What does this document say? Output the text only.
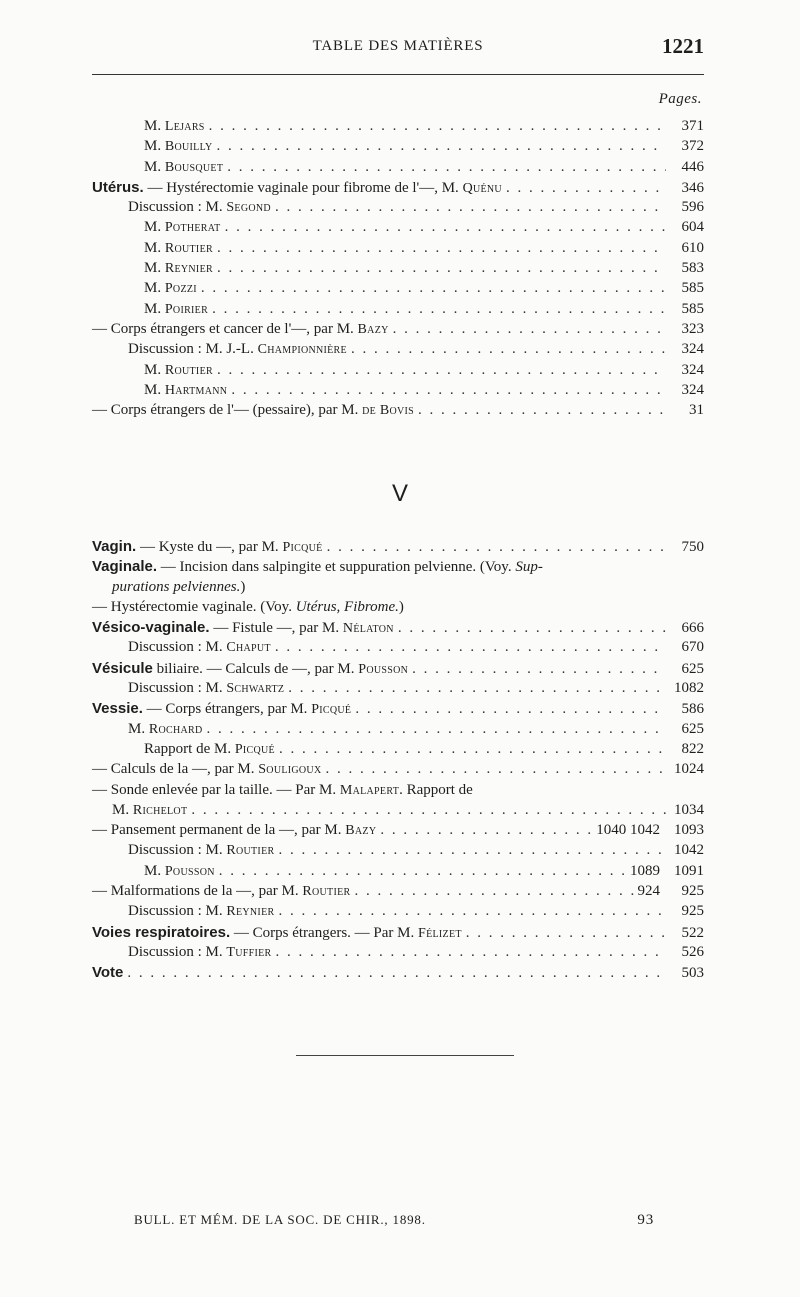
TABLE DES MATIÈRES	1221
Pages.
M. Lejars . . .	371
M. Bouilly . . .	372
M. Bousquet . . .	446
Utérus. — Hystérectomie vaginale pour fibrome de l'—, M. Quénu . . .	346
Discussion : M. Segond . . .	596
M. Potherat . . .	604
M. Routier . . .	610
M. Reynier . . .	583
M. Pozzi . . .	585
M. Poirier . . .	585
— Corps étrangers et cancer de l'—, par M. Bazy . . .	323
Discussion : M. J.-L. Championnière . . .	324
M. Routier . . .	324
M. Hartmann . . .	324
— Corps étrangers de l'— (pessaire), par M. de Bovis . . .	31
V
Vagin. — Kyste du —, par M. Picqué . . .	750
Vaginale. — Incision dans salpingite et suppuration pelvienne. (Voy. Sup-
purations pelviennes.)
— Hystérectomie vaginale. (Voy. Utérus, Fibrome.)
Vésico-vaginale. — Fistule —, par M. Nélaton . . .	666
Discussion : M. Chaput . . .	670
Vésicule biliaire. — Calculs de —, par M. Pousson . . .	625
Discussion : M. Schwartz . . .	1082
Vessie. — Corps étrangers, par M. Picqué . . .	586
M. Rochard . . .	625
Rapport de M. Picqué . . .	822
— Calculs de la —, par M. Souligoux . . .	1024
— Sonde enlevée par la taille. — Par M. Malapert. Rapport de
M. Richelot . . .	1034
— Pansement permanent de la —, par M. Bazy . . .	1040 1042 1093
Discussion : M. Routier . . .	1042
M. Pousson . . .	1089 1091
— Malformations de la —, par M. Routier . . .	924	925
Discussion : M. Reynier . . .	925
Voies respiratoires. — Corps étrangers. — Par M. Félizet . . .	522
Discussion : M. Tuffier . . .	526
Vote . . .	503
BULL. ET MÉM. DE LA SOC. DE CHIR., 1898.	93
